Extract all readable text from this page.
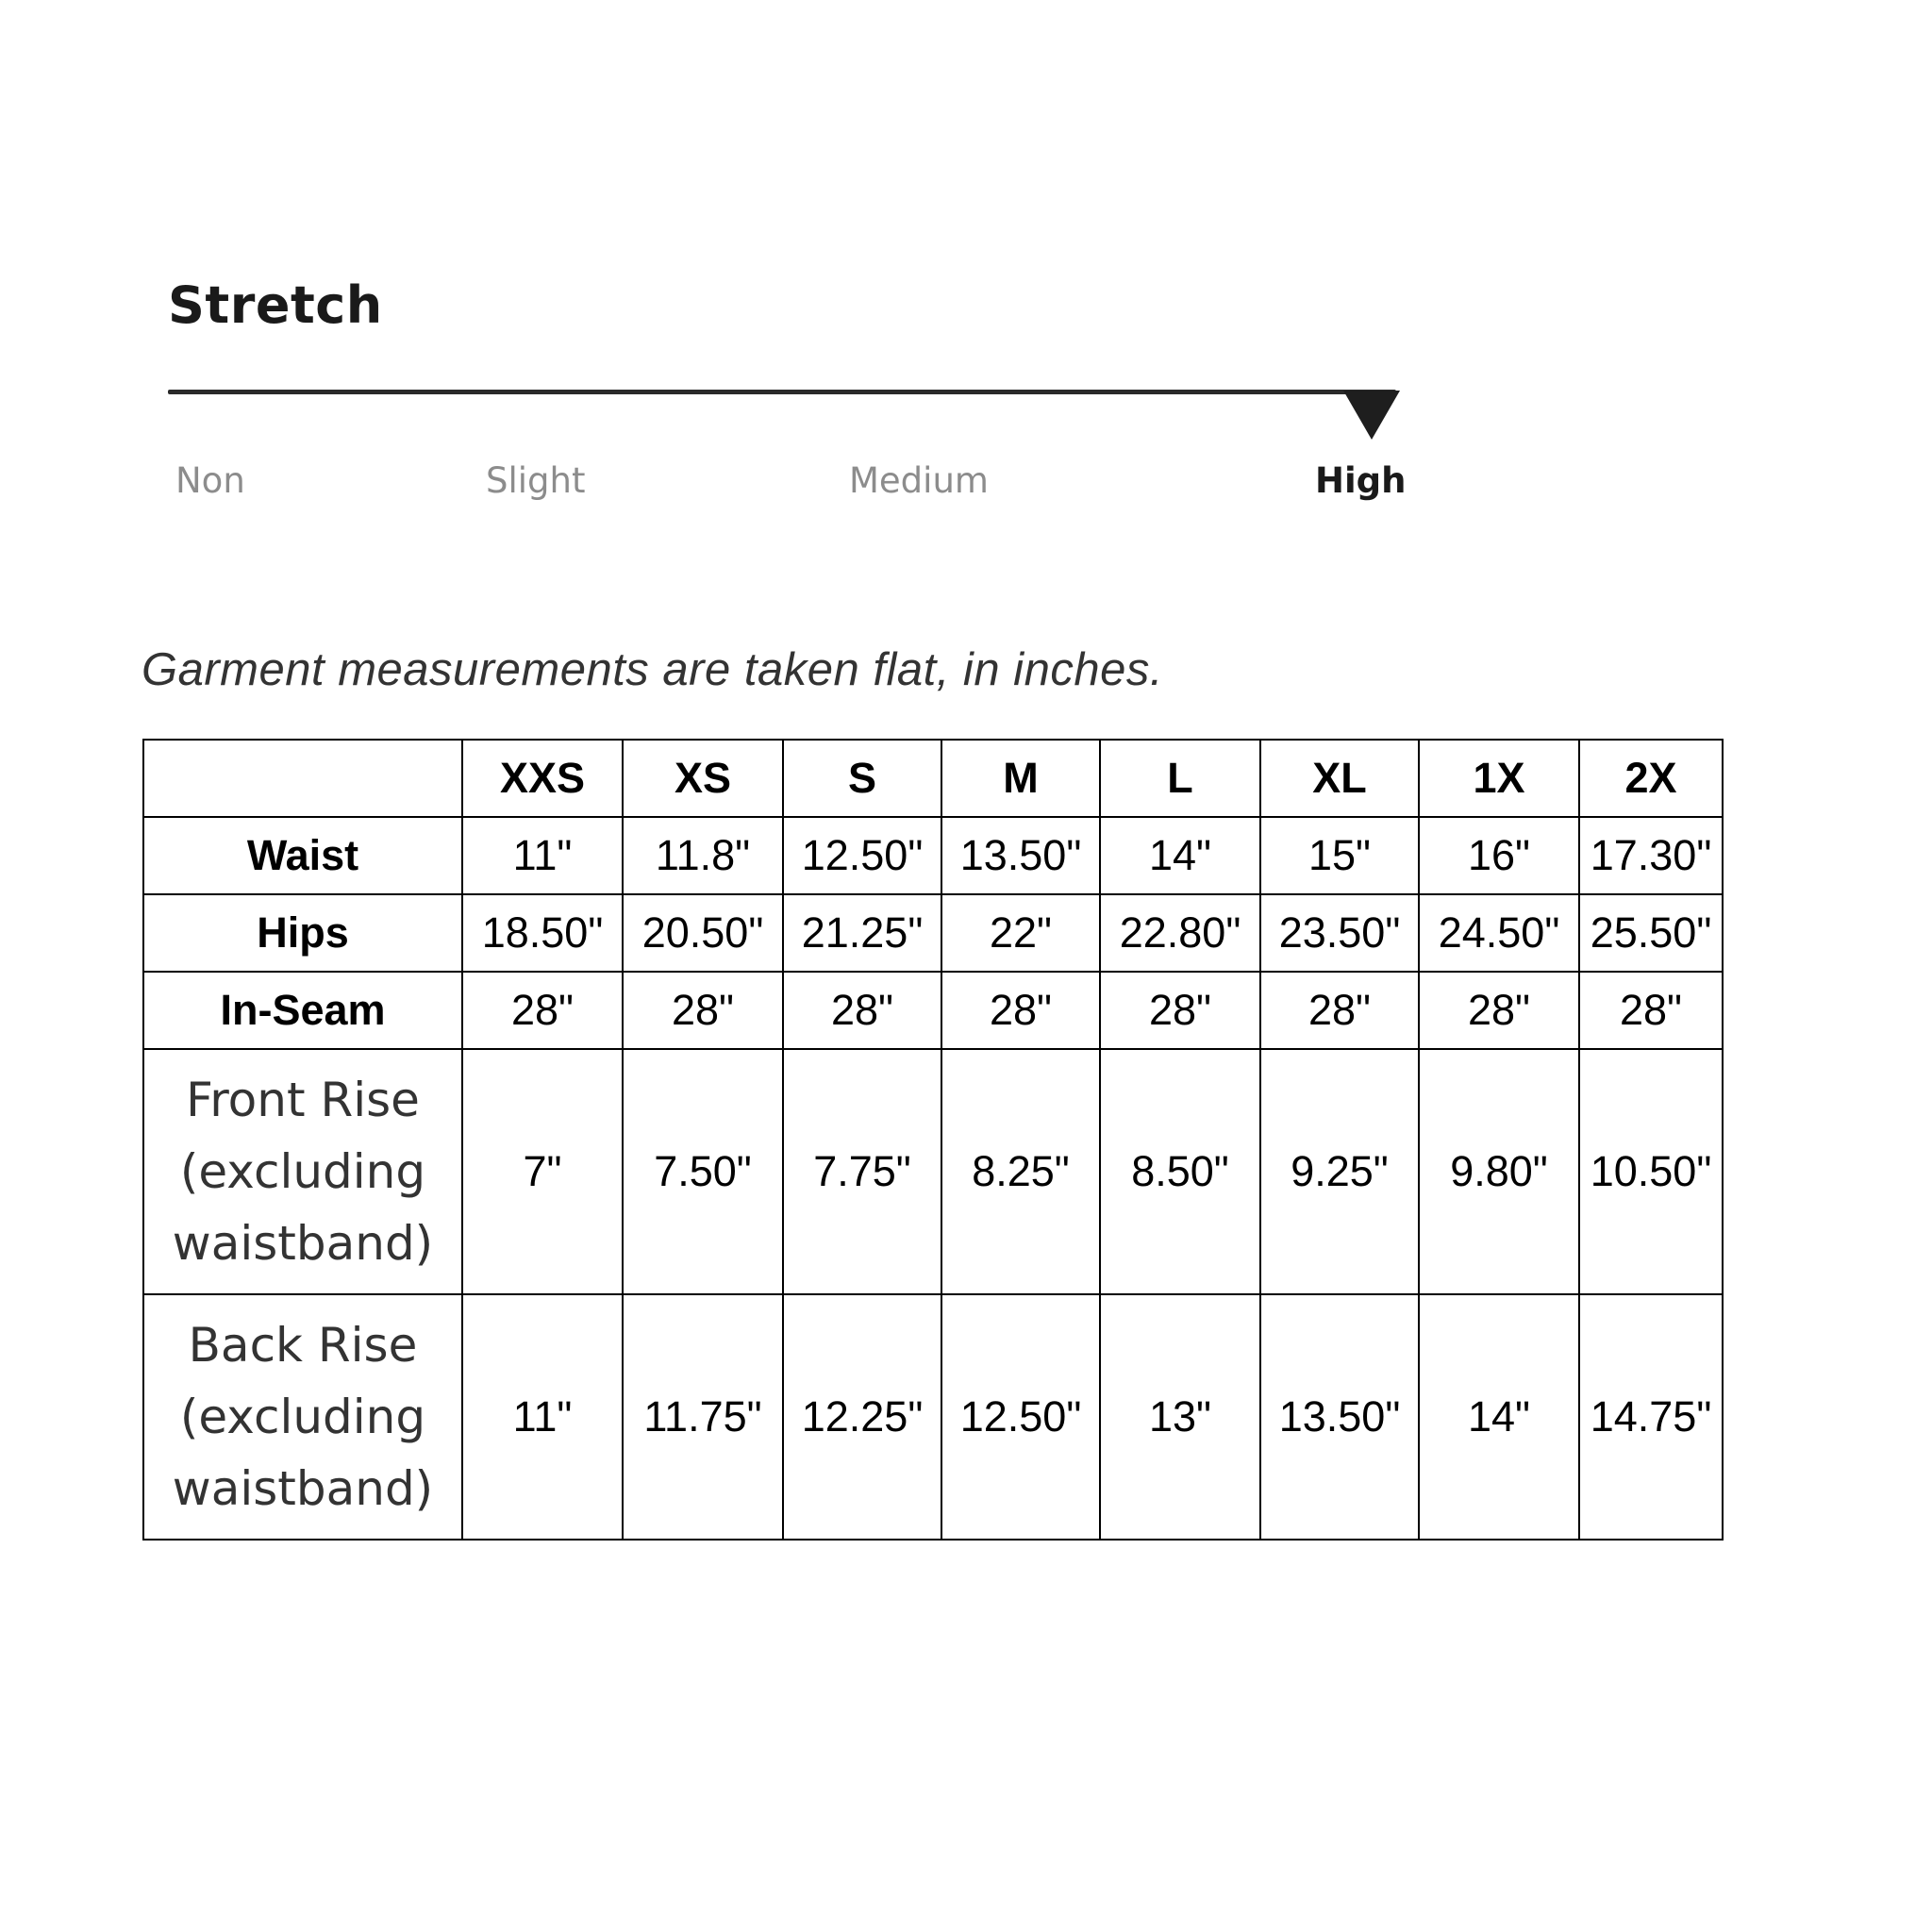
Stretch
Non	Slight	Medium	High
Garment measurements are taken flat, in inches.
	XXS	XS	S	M	L	XL	1X	2X
Waist	11"	11.8"	12.50"	13.50"	14"	15"	16"	17.30"
Hips	18.50"	20.50"	21.25"	22"	22.80"	23.50"	24.50"	25.50"
In-Seam	28"	28"	28"	28"	28"	28"	28"	28"
Front Rise (excluding waistband)	7"	7.50"	7.75"	8.25"	8.50"	9.25"	9.80"	10.50"
Back Rise (excluding waistband)	11"	11.75"	12.25"	12.50"	13"	13.50"	14"	14.75"
